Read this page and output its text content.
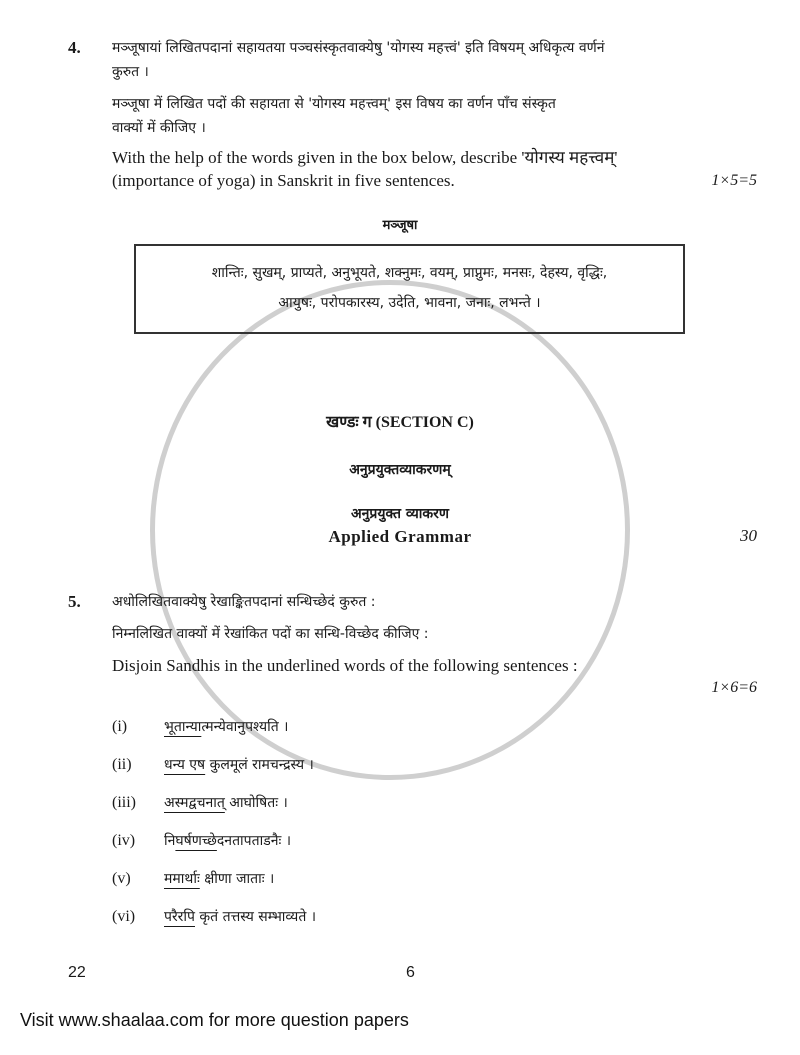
4.	मञ्जूषायां लिखितपदानां सहायतया पञ्चसंस्कृतवाक्येषु 'योगस्य महत्त्वं' इति विषयम् अधिकृत्य वर्णनं
कुरुत ।
मञ्जूषा में लिखित पदों की सहायता से 'योगस्य महत्त्वम्' इस विषय का वर्णन पाँच संस्कृत
वाक्यों में कीजिए ।
With the help of the words given in the box below, describe 'योगस्य महत्त्वम्'
(importance of yoga) in Sanskrit in five sentences.	1×5=5
मञ्जूषा
शान्तिः, सुखम्, प्राप्यते, अनुभूयते, शक्नुमः, वयम्, प्राप्नुमः, मनसः, देहस्य, वृद्धिः,
आयुषः, परोपकारस्य, उदेति, भावना, जनाः, लभन्ते ।
खण्डः ग (SECTION C)
अनुप्रयुक्तव्याकरणम्
अनुप्रयुक्त व्याकरण
Applied Grammar	30
5.	अधोलिखितवाक्येषु रेखाङ्कितपदानां सन्धिच्छेदं कुरुत :
निम्नलिखित वाक्यों में रेखांकित पदों का सन्धि-विच्छेद कीजिए :
Disjoin Sandhis in the underlined words of the following sentences :
1×6=6
(i)	भूतान्यात्मन्येवानुपश्यति ।
(ii)	धन्य एष कुलमूलं रामचन्द्रस्य ।
(iii)	अस्मद्वचनात् आघोषितः ।
(iv)	निघर्षणच्छेदनतापताडनैः ।
(v)	ममार्थाः क्षीणा जाताः ।
(vi)	परैरपि कृतं तत्तस्य सम्भाव्यते ।
22	6
Visit www.shaalaa.com for more question papers
